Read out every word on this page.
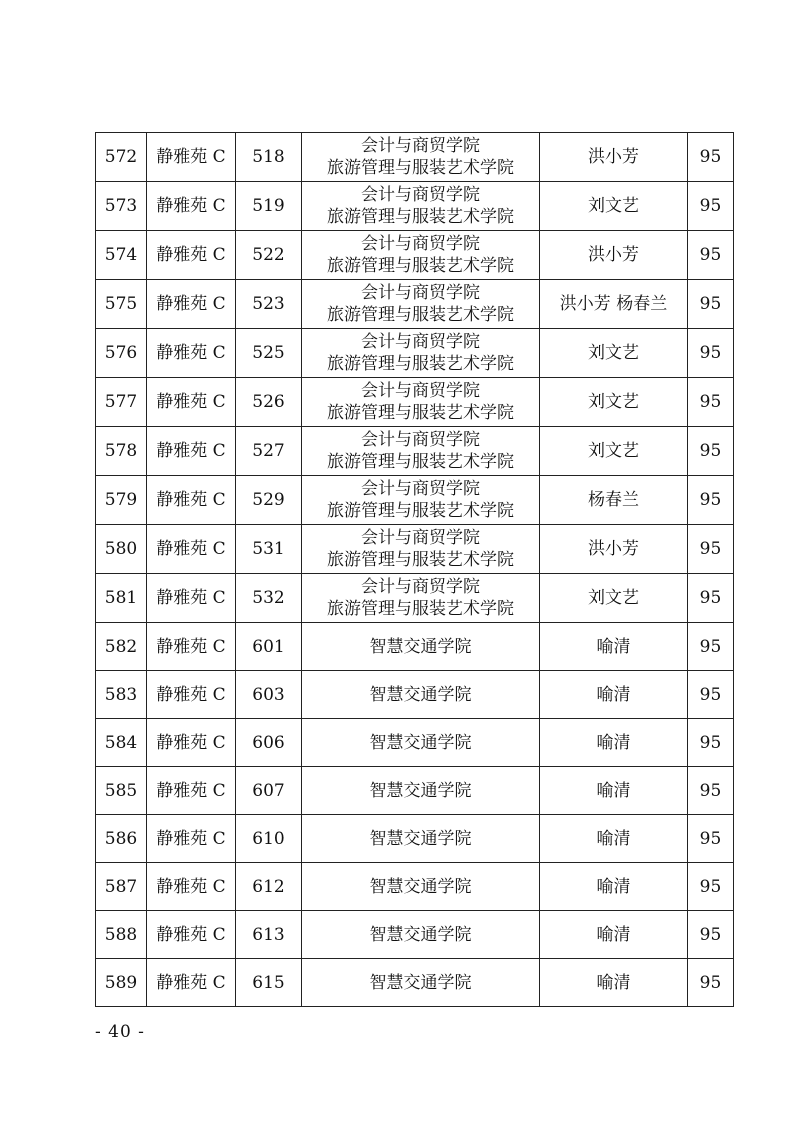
572	静雅苑 C	518	会计与商贸学院
旅游管理与服装艺术学院	洪小芳	95
573	静雅苑 C	519	会计与商贸学院
旅游管理与服装艺术学院	刘文艺	95
574	静雅苑 C	522	会计与商贸学院
旅游管理与服装艺术学院	洪小芳	95
575	静雅苑 C	523	会计与商贸学院
旅游管理与服装艺术学院	洪小芳 杨春兰	95
576	静雅苑 C	525	会计与商贸学院
旅游管理与服装艺术学院	刘文艺	95
577	静雅苑 C	526	会计与商贸学院
旅游管理与服装艺术学院	刘文艺	95
578	静雅苑 C	527	会计与商贸学院
旅游管理与服装艺术学院	刘文艺	95
579	静雅苑 C	529	会计与商贸学院
旅游管理与服装艺术学院	杨春兰	95
580	静雅苑 C	531	会计与商贸学院
旅游管理与服装艺术学院	洪小芳	95
581	静雅苑 C	532	会计与商贸学院
旅游管理与服装艺术学院	刘文艺	95
582	静雅苑 C	601	智慧交通学院	喻清	95
583	静雅苑 C	603	智慧交通学院	喻清	95
584	静雅苑 C	606	智慧交通学院	喻清	95
585	静雅苑 C	607	智慧交通学院	喻清	95
586	静雅苑 C	610	智慧交通学院	喻清	95
587	静雅苑 C	612	智慧交通学院	喻清	95
588	静雅苑 C	613	智慧交通学院	喻清	95
589	静雅苑 C	615	智慧交通学院	喻清	95
- 40 -
